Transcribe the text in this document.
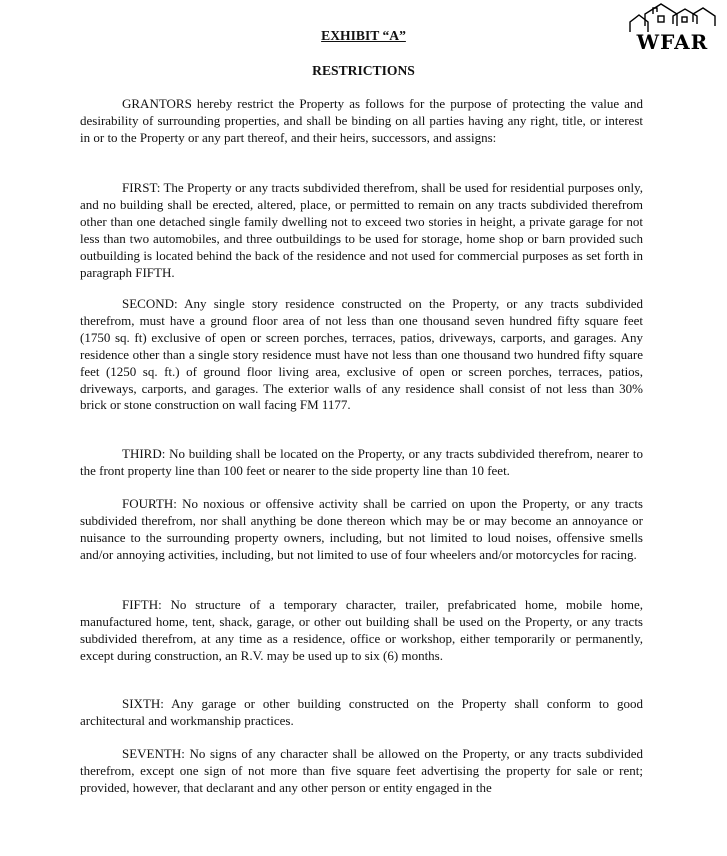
WFAR
EXHIBIT “A”
RESTRICTIONS

GRANTORS hereby restrict the Property as follows for the purpose of protecting the value and desirability of surrounding properties, and shall be binding on all parties having any right, title, or interest in or to the Property or any part thereof, and their heirs, successors, and assigns:

FIRST: The Property or any tracts subdivided therefrom, shall be used for residential purposes only, and no building shall be erected, altered, place, or permitted to remain on any tracts subdivided therefrom other than one detached single family dwelling not to exceed two stories in height, a private garage for not less than two automobiles, and three outbuildings to be used for storage, home shop or barn provided such outbuilding is located behind the back of the residence and not used for commercial purposes as set forth in paragraph FIFTH.

SECOND: Any single story residence constructed on the Property, or any tracts subdivided therefrom, must have a ground floor area of not less than one thousand seven hundred fifty square feet (1750 sq. ft) exclusive of open or screen porches, terraces, patios, driveways, carports, and garages. Any residence other than a single story residence must have not less than one thousand two hundred fifty square feet (1250 sq. ft.) of ground floor living area, exclusive of open or screen porches, terraces, patios, driveways, carports, and garages. The exterior walls of any residence shall consist of not less than 30% brick or stone construction on wall facing FM 1177.

THIRD: No building shall be located on the Property, or any tracts subdivided therefrom, nearer to the front property line than 100 feet or nearer to the side property line than 10 feet.

FOURTH: No noxious or offensive activity shall be carried on upon the Property, or any tracts subdivided therefrom, nor shall anything be done thereon which may be or may become an annoyance or nuisance to the surrounding property owners, including, but not limited to loud noises, offensive smells and/or annoying activities, including, but not limited to use of four wheelers and/or motorcycles for racing.

FIFTH: No structure of a temporary character, trailer, prefabricated home, mobile home, manufactured home, tent, shack, garage, or other out building shall be used on the Property, or any tracts subdivided therefrom, at any time as a residence, office or workshop, either temporarily or permanently, except during construction, an R.V. may be used up to six (6) months.

SIXTH: Any garage or other building constructed on the Property shall conform to good architectural and workmanship practices.

SEVENTH: No signs of any character shall be allowed on the Property, or any tracts subdivided therefrom, except one sign of not more than five square feet advertising the property for sale or rent; provided, however, that declarant and any other person or entity engaged in the
